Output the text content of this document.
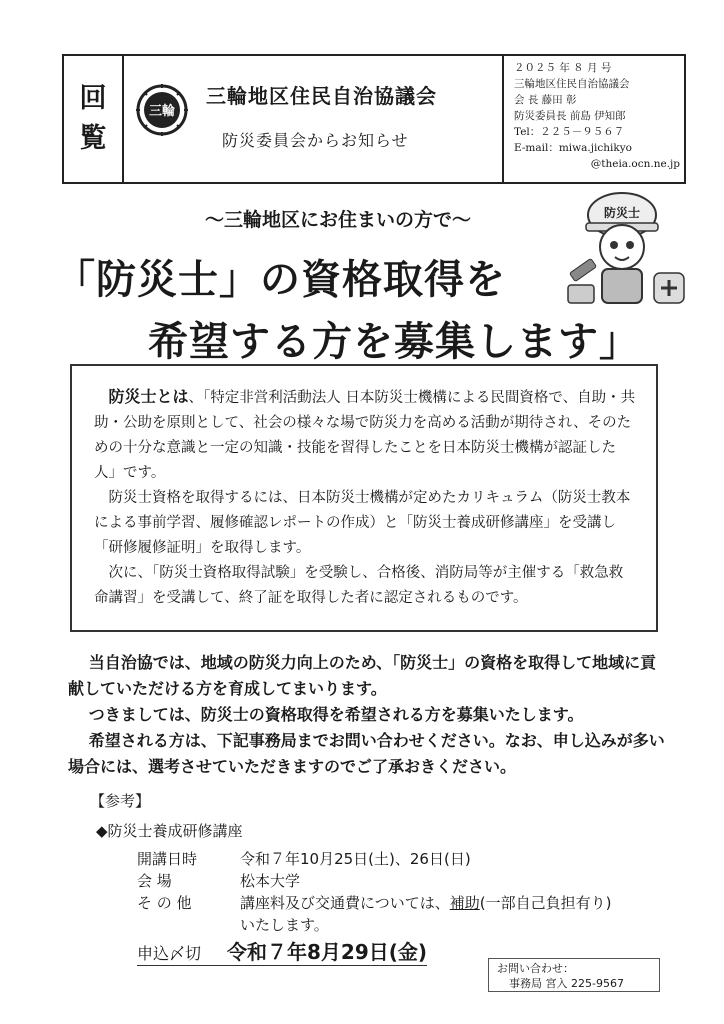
回
覧
三輪
三輪地区住民自治協議会
防災委員会からお知らせ
２０２５ 年 ８ 月 号
三輪地区住民自治協議会
会 長 藤田 彰
防災委員長 前島 伊知郎
Tel：２２５－９５６７
E-mail：miwa.jichikyo
@theia.ocn.ne.jp
～三輪地区にお住まいの方で～
「防災士」の資格取得を
希望する方を募集します」
防災士

防災士とは、「特定非営利活動法人 日本防災士機構による民間資格で、自助・共助・公助を原則として、社会の様々な場で防災力を高める活動が期待され、そのための十分な意識と一定の知識・技能を習得したことを日本防災士機構が認証した人」です。

防災士資格を取得するには、日本防災士機構が定めたカリキュラム（防災士教本による事前学習、履修確認レポートの作成）と「防災士養成研修講座」を受講し「研修履修証明」を取得します。

次に、「防災士資格取得試験」を受験し、合格後、消防局等が主催する「救急救命講習」を受講して、終了証を取得した者に認定されるものです。

当自治協では、地域の防災力向上のため、「防災士」の資格を取得して地域に貢献していただける方を育成してまいります。

つきましては、防災士の資格取得を希望される方を募集いたします。

希望される方は、下記事務局までお問い合わせください。なお、申し込みが多い場合には、選考させていただきますのでご了承おきください。

【参考】
◆防災士養成研修講座
開講日時	令和７年10月25日(土)、26日(日)
会 場	松本大学
そ の 他	講座料及び交通費については、補助(一部自己負担有り)
いたします。
申込〆切 令和７年8月29日(金)
お問い合わせ：
事務局 宮入 225-9567
